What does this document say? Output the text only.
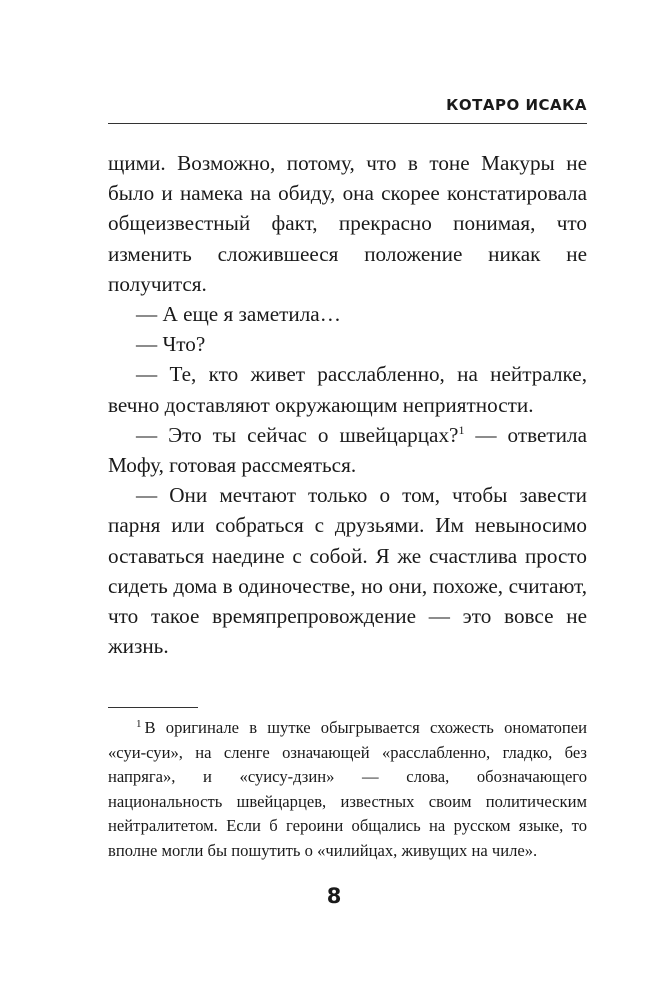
КОТАРО ИСАКА

щими. Возможно, потому, что в тоне Макуры не было и намека на обиду, она скорее констатировала общеизвестный факт, прекрасно понимая, что изменить сложившееся положение никак не получится.

— А еще я заметила…

— Что?

— Те, кто живет расслабленно, на нейтралке, вечно доставляют окружающим неприятности.

— Это ты сейчас о швейцарцах?$^1$ — ответила Мофу, готовая рассмеяться.

— Они мечтают только о том, чтобы завести парня или собраться с друзьями. Им невыносимо оставаться наедине с собой. Я же счастлива просто сидеть дома в одиночестве, но они, похоже, считают, что такое времяпрепровождение — это вовсе не жизнь.

$^1$ В оригинале в шутке обыгрывается схожесть ономатопеи «суи-суи», на сленге означающей «расслабленно, гладко, без напряга», и «суису-дзин» — слова, обозначающего национальность швейцарцев, известных своим политическим нейтралитетом. Если б героини общались на русском языке, то вполне могли бы пошутить о «чилийцах, живущих на чиле».

8
